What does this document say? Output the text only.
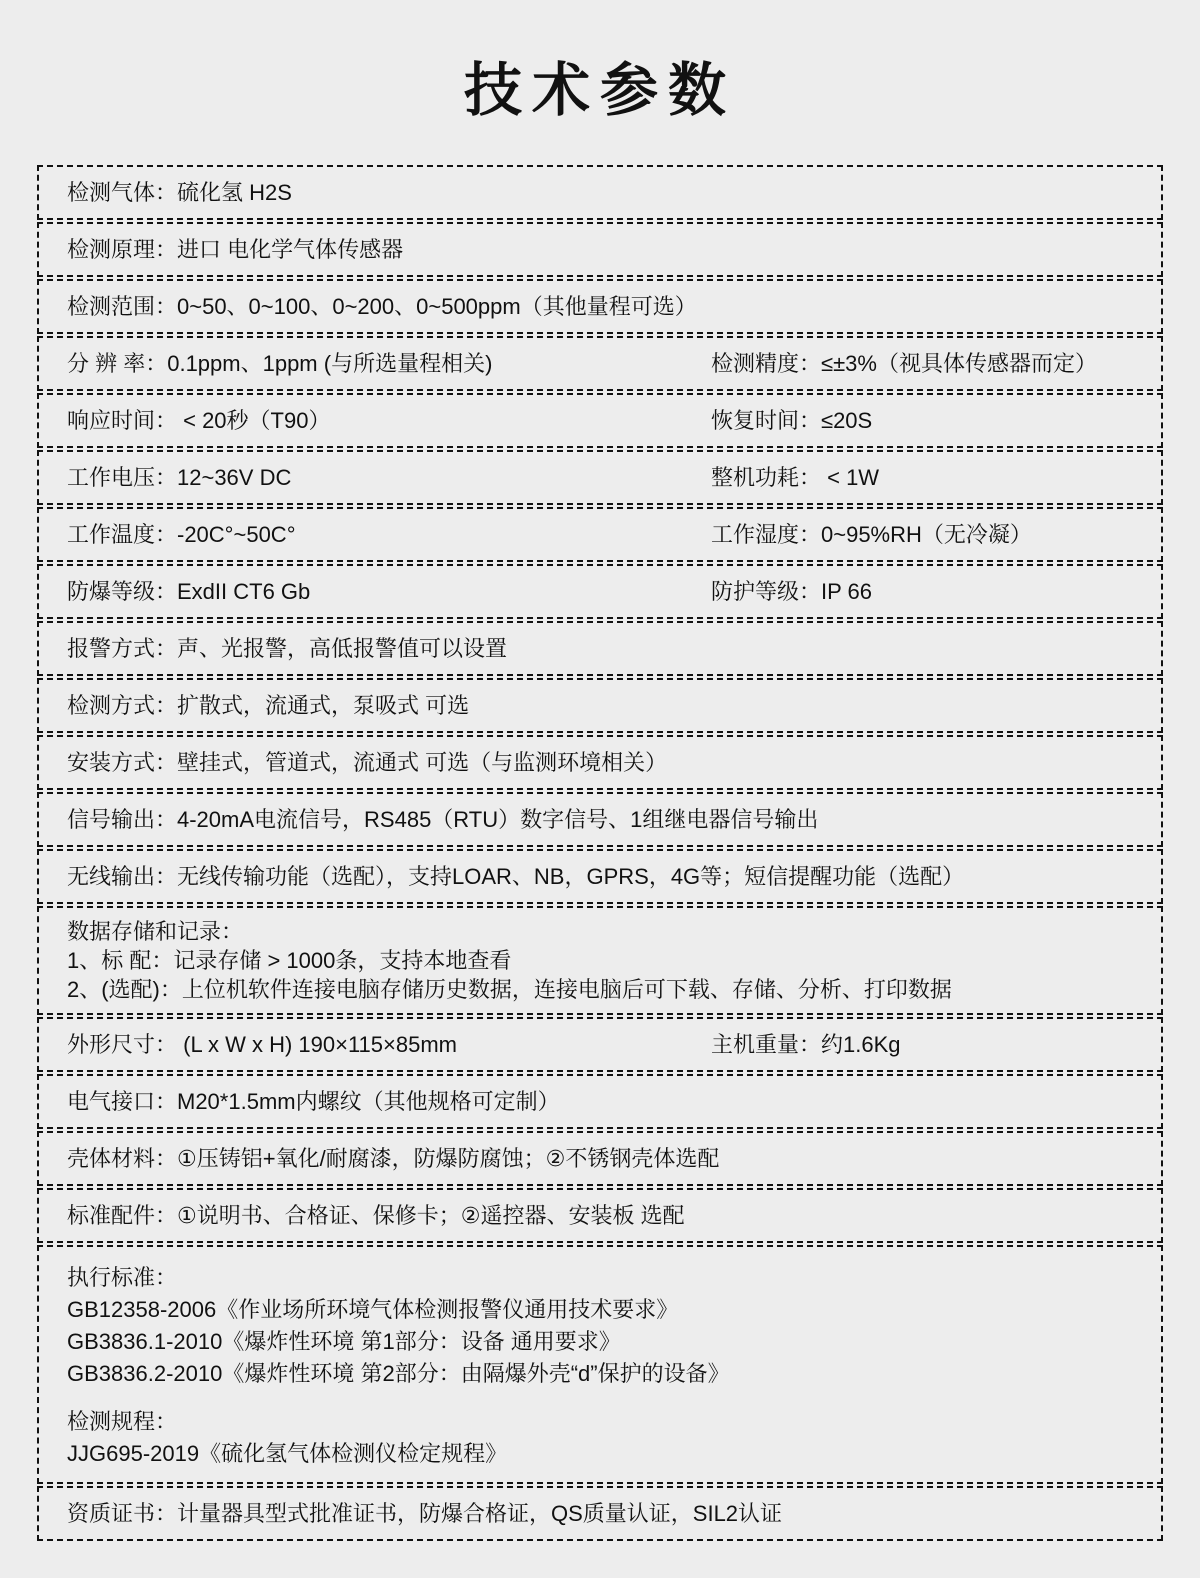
技术参数
检测气体：硫化氢 H2S
检测原理：进口 电化学气体传感器
检测范围：0~50、0~100、0~200、0~500ppm（其他量程可选）
分 辨 率：0.1ppm、1ppm (与所选量程相关)	检测精度：≤±3%（视具体传感器而定）
响应时间： < 20秒（T90）	恢复时间：≤20S
工作电压：12~36V DC	整机功耗： < 1W
工作温度：-20C°~50C°	工作湿度：0~95%RH（无冷凝）
防爆等级：ExdII CT6 Gb	防护等级：IP 66
报警方式：声、光报警，高低报警值可以设置
检测方式：扩散式，流通式，泵吸式 可选
安装方式：壁挂式，管道式，流通式 可选（与监测环境相关）
信号输出：4-20mA电流信号，RS485（RTU）数字信号、1组继电器信号输出
无线输出：无线传输功能（选配），支持LOAR、NB，GPRS，4G等；短信提醒功能（选配）
数据存储和记录：
1、标 配：记录存储 > 1000条，支持本地查看
2、(选配)：上位机软件连接电脑存储历史数据，连接电脑后可下载、存储、分析、打印数据
外形尺寸： (L x W x H) 190×115×85mm	主机重量：约1.6Kg
电气接口：M20*1.5mm内螺纹（其他规格可定制）
壳体材料：①压铸铝+氧化/耐腐漆，防爆防腐蚀；②不锈钢壳体选配
标准配件：①说明书、合格证、保修卡；②遥控器、安装板 选配
执行标准：
GB12358-2006《作业场所环境气体检测报警仪通用技术要求》
GB3836.1-2010《爆炸性环境 第1部分：设备 通用要求》
GB3836.2-2010《爆炸性环境 第2部分：由隔爆外壳“d”保护的设备》
检测规程：
JJG695-2019《硫化氢气体检测仪检定规程》
资质证书：计量器具型式批准证书，防爆合格证，QS质量认证，SIL2认证
